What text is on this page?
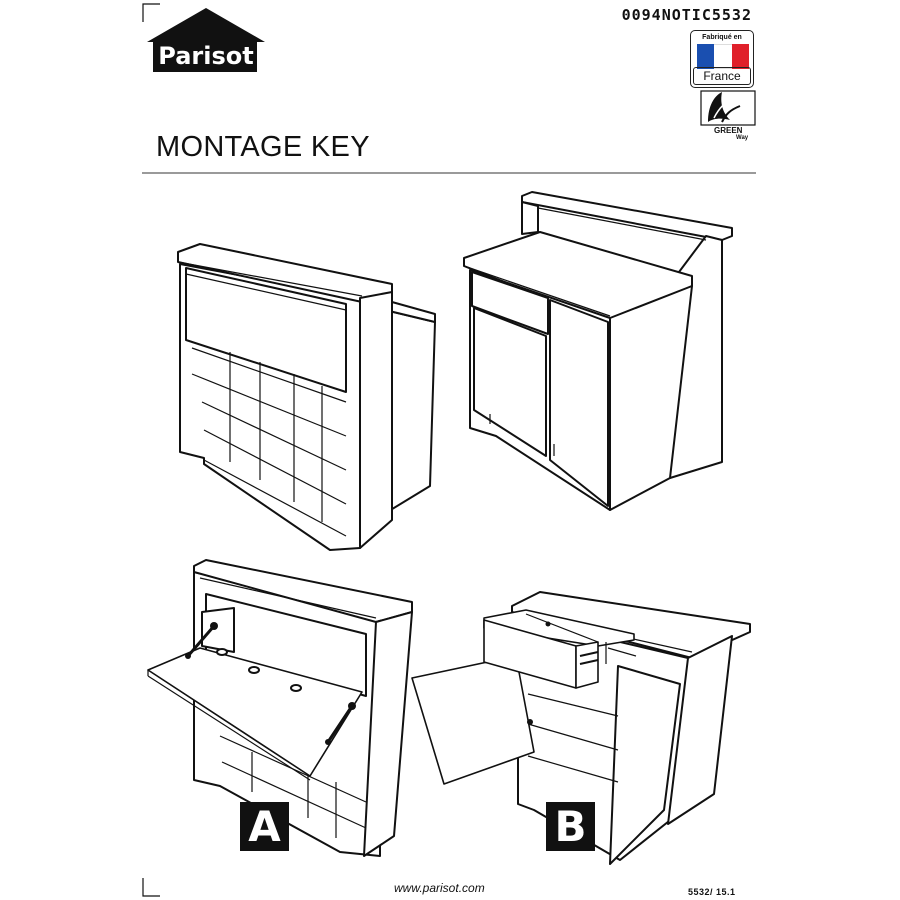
Parisot
0094NOTIC5532
Fabriqué en
France
GREEN
Way
MONTAGE KEY
A	B
www.parisot.com	5532/ 15.1
